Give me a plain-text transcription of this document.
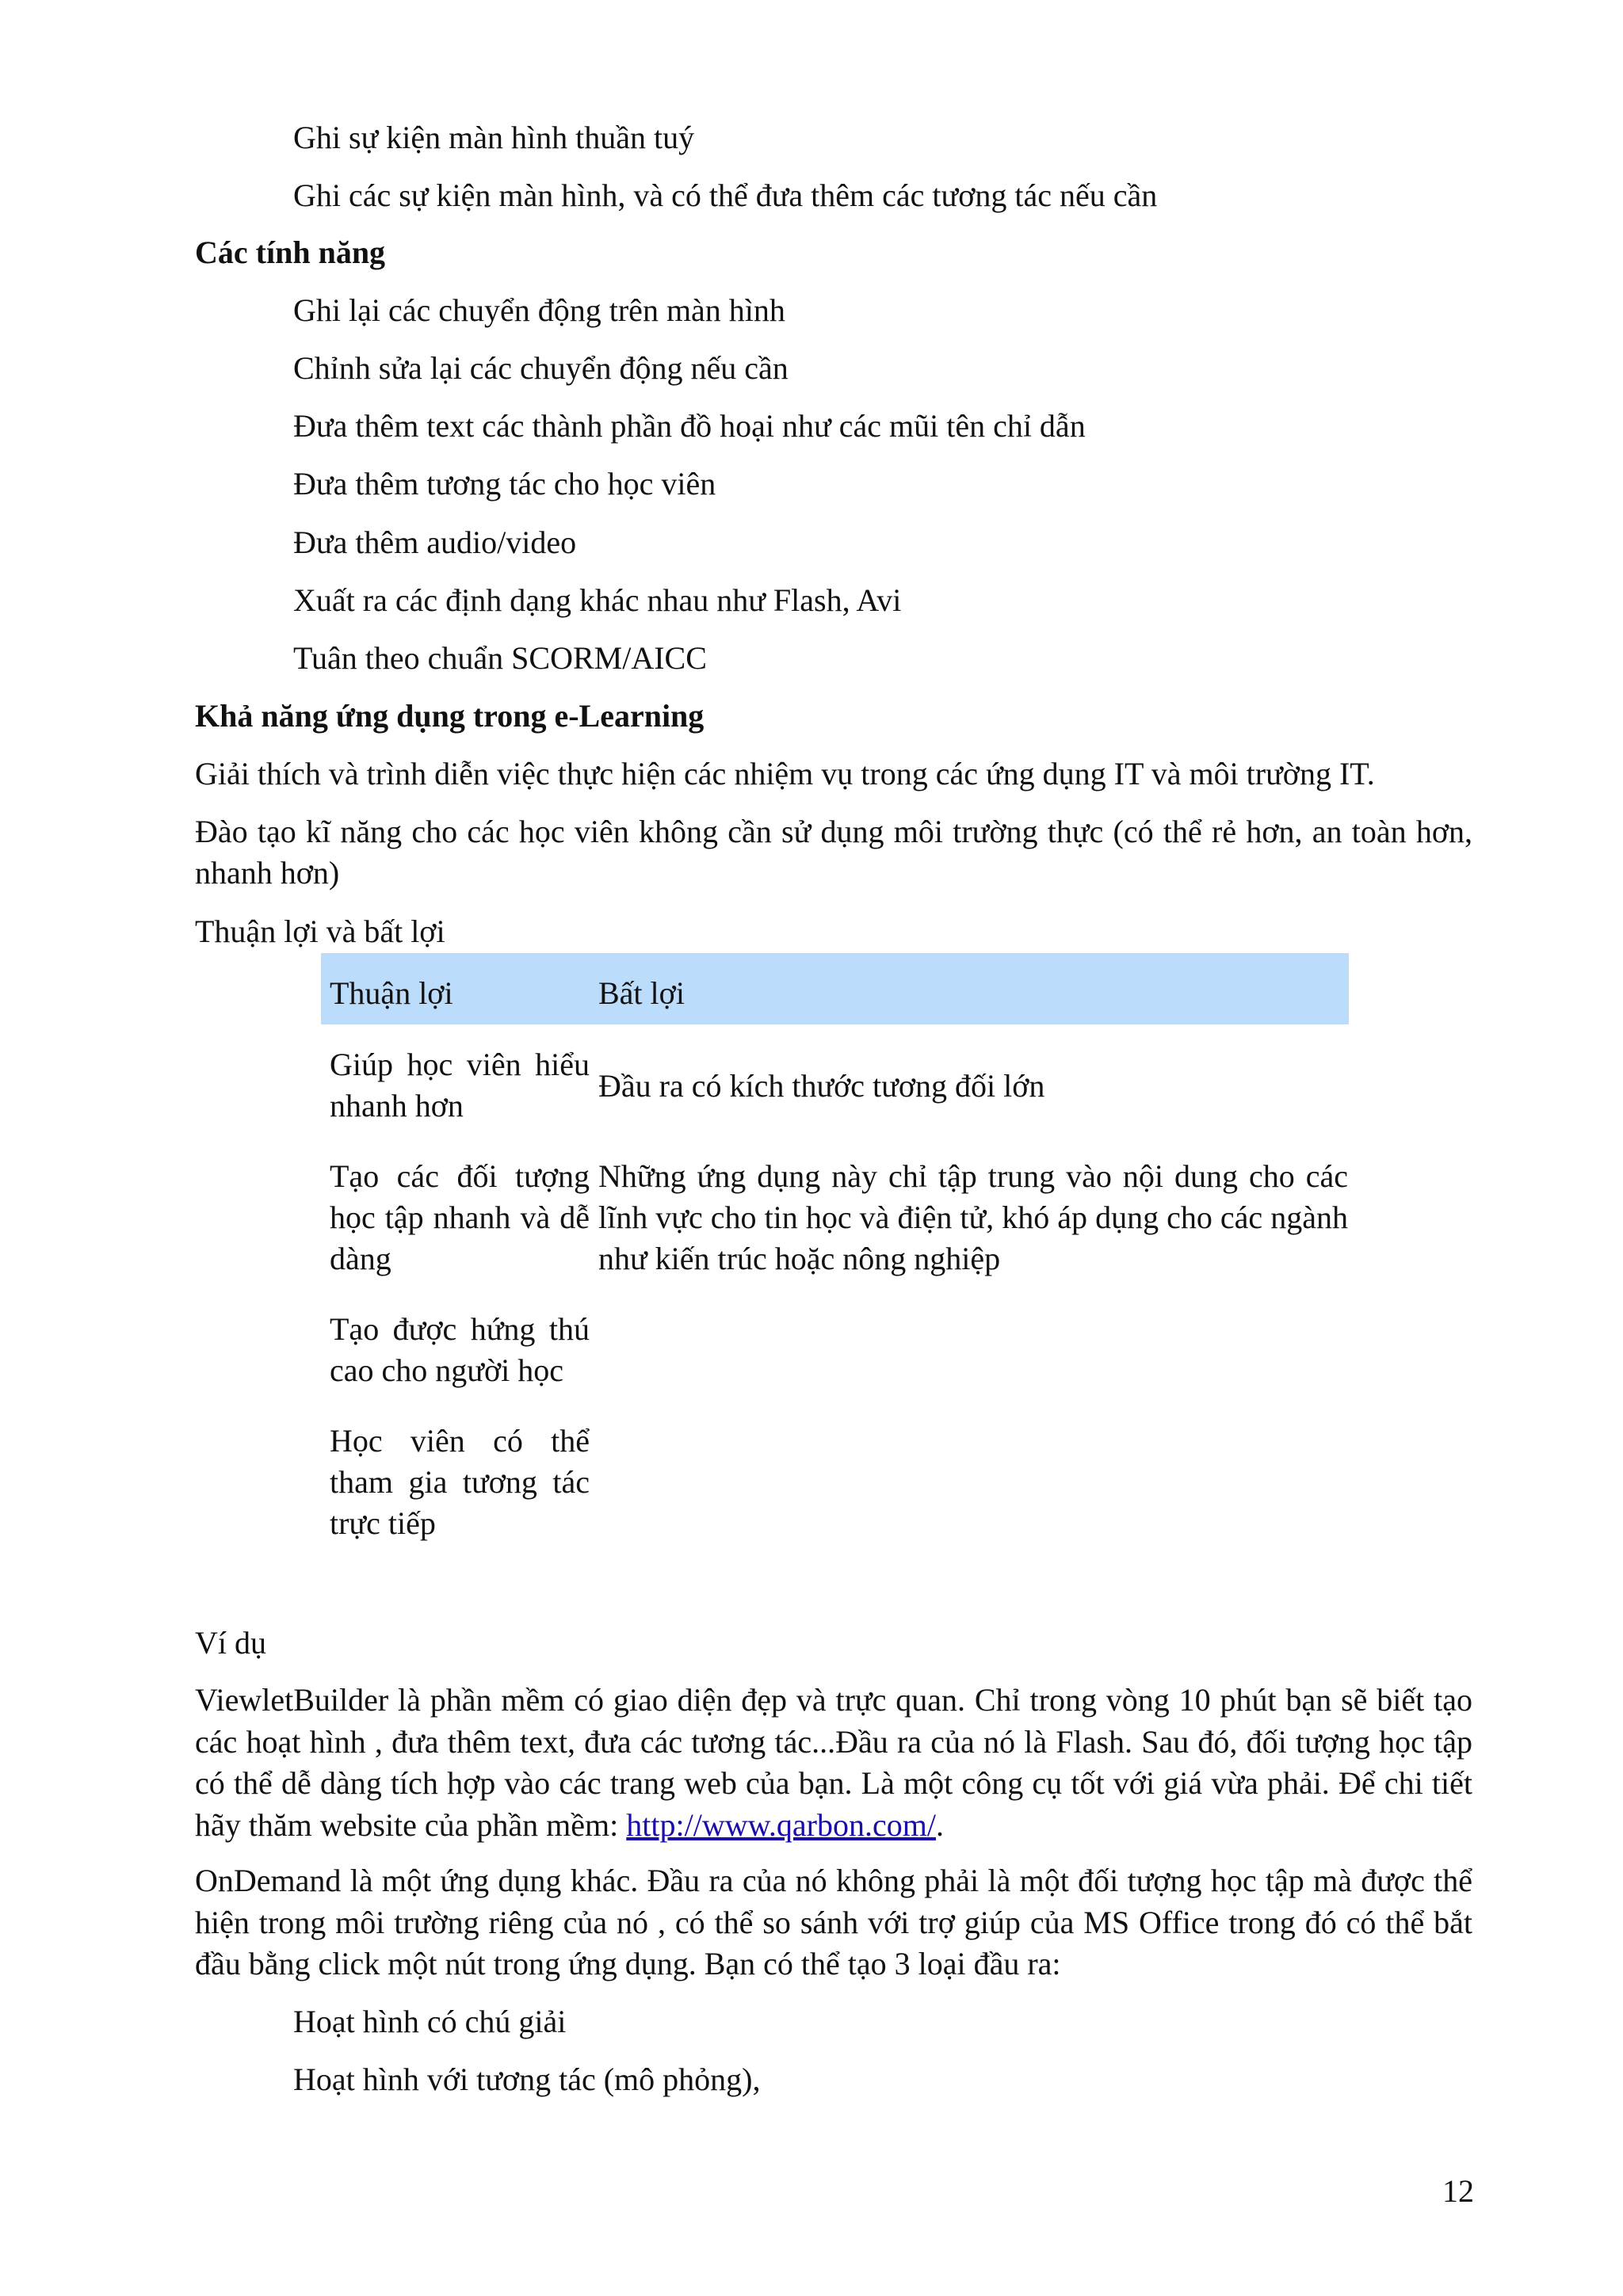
Ghi sự kiện màn hình thuần tuý
Ghi các sự kiện màn hình, và có thể đưa thêm các tương tác nếu cần
Các tính năng
Ghi lại các chuyển động trên màn hình
Chỉnh sửa lại các chuyển động nếu cần
Đưa thêm text các thành phần đồ hoại như các mũi tên chỉ dẫn
Đưa thêm tương tác cho học viên
Đưa thêm audio/video
Xuất ra các định dạng khác nhau như Flash, Avi
Tuân theo chuẩn SCORM/AICC
Khả năng ứng dụng trong e-Learning
Giải thích và trình diễn việc thực hiện các nhiệm vụ trong các ứng dụng IT và môi trường IT.
Đào tạo kĩ năng cho các học viên không cần sử dụng môi trường thực (có thể rẻ hơn, an toàn hơn, nhanh hơn)
Thuận lợi và bất lợi
Thuận lợi	Bất lợi
Giúp học viên hiểu nhanh hơn
Đầu ra có kích thước tương đối lớn
Tạo các đối tượng học tập nhanh và dễ dàng
Những ứng dụng này chỉ tập trung vào nội dung cho các lĩnh vực cho tin học và điện tử, khó áp dụng cho các ngành như kiến trúc hoặc nông nghiệp
Tạo được hứng thú cao cho người học
Học viên có thể tham gia tương tác trực tiếp
Ví dụ
ViewletBuilder là phần mềm có giao diện đẹp và trực quan. Chỉ trong vòng 10 phút bạn sẽ biết tạo các hoạt hình , đưa thêm text, đưa các tương tác...Đầu ra của nó là Flash. Sau đó, đối tượng học tập có thể dễ dàng tích hợp vào các trang web của bạn. Là một công cụ tốt với giá vừa phải. Để chi tiết hãy thăm website của phần mềm: http://www.qarbon.com/.
OnDemand là một ứng dụng khác. Đầu ra của nó không phải là một đối tượng học tập mà được thể hiện trong môi trường riêng của nó , có thể so sánh với trợ giúp của MS Office trong đó có thể bắt đầu bằng click một nút trong ứng dụng. Bạn có thể tạo 3 loại đầu ra:
Hoạt hình có chú giải
Hoạt hình với tương tác (mô phỏng),
12
